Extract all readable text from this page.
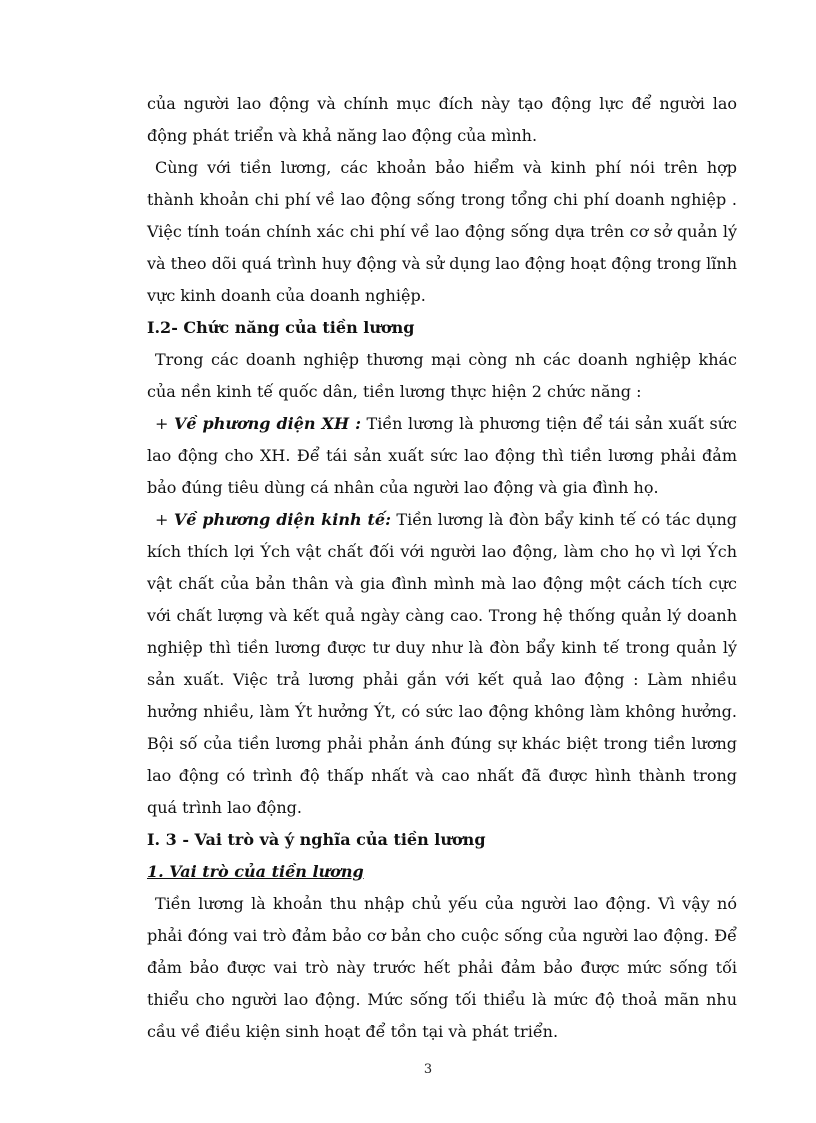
của người lao động và chính mục đích này tạo động lực để người lao động phát triển và khả năng lao động của mình.

Cùng với tiền lương, các khoản bảo hiểm và kinh phí nói trên hợp thành khoản chi phí về lao động sống trong tổng chi phí doanh nghiệp . Việc tính toán chính xác chi phí về lao động sống dựa trên cơ sở quản lý và theo dõi quá trình huy động và sử dụng lao động hoạt động trong lĩnh vực kinh doanh của doanh nghiệp.

I.2- Chức năng của tiền lương

Trong các doanh nghiệp thương mại còng nh các doanh nghiệp khác của nền kinh tế quốc dân, tiền lương thực hiện 2 chức năng :

+ Về phương diện XH : Tiền lương là phương tiện để tái sản xuất sức lao động cho XH. Để tái sản xuất sức lao động thì tiền lương phải đảm bảo đúng tiêu dùng cá nhân của người lao động và gia đình họ.

+ Về phương diện kinh tế: Tiền lương là đòn bẩy kinh tế có tác dụng kích thích lợi Ých vật chất đối với người lao động, làm cho họ vì lợi Ých vật chất của bản thân và gia đình mình mà lao động một cách tích cực với chất lượng và kết quả ngày càng cao. Trong hệ thống quản lý doanh nghiệp thì tiền lương được tư duy như là đòn bẩy kinh tế trong quản lý sản xuất. Việc trả lương phải gắn với kết quả lao động : Làm nhiều hưởng nhiều, làm Ýt hưởng Ýt, có sức lao động không làm không hưởng. Bội số của tiền lương phải phản ánh đúng sự khác biệt trong tiền lương lao động có trình độ thấp nhất và cao nhất đã được hình thành trong quá trình lao động.

I. 3 - Vai trò và ý nghĩa của tiền lương

1. Vai trò của tiền lương

Tiền lương là khoản thu nhập chủ yếu của người lao động. Vì vậy nó phải đóng vai trò đảm bảo cơ bản cho cuộc sống của người lao động. Để đảm bảo được vai trò này trước hết phải đảm bảo được mức sống tối thiểu cho người lao động. Mức sống tối thiểu là mức độ thoả mãn nhu cầu về điều kiện sinh hoạt để tồn tại và phát triển.

3
